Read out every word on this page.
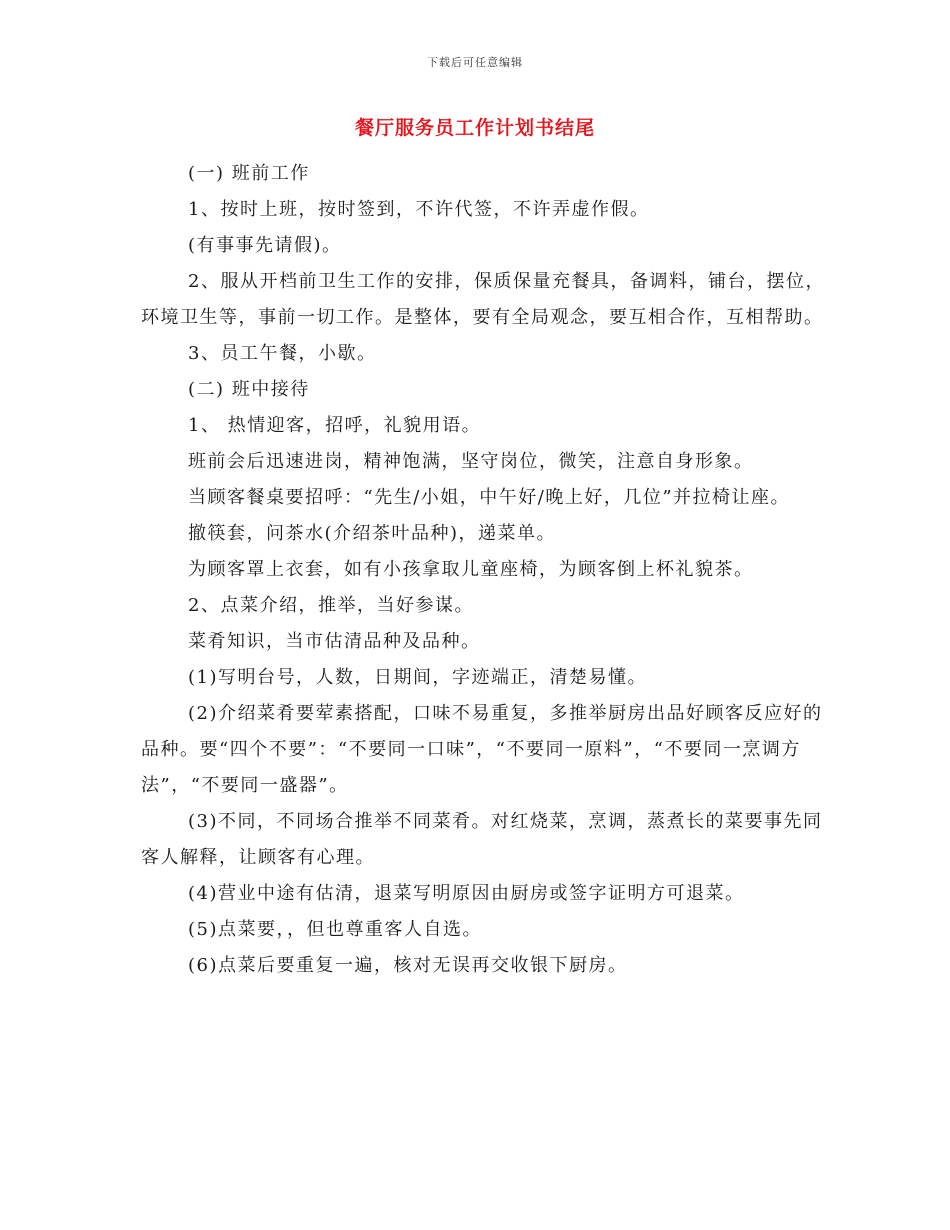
下载后可任意编辑
餐厅服务员工作计划书结尾

(一) 班前工作

1、按时上班，按时签到，不许代签，不许弄虚作假。

(有事事先请假)。

2、服从开档前卫生工作的安排，保质保量充餐具，备调料，铺台，摆位，环境卫生等，事前一切工作。是整体，要有全局观念，要互相合作，互相帮助。

3、员工午餐，小歇。

(二) 班中接待

1、 热情迎客，招呼，礼貌用语。

班前会后迅速进岗，精神饱满，坚守岗位，微笑，注意自身形象。

当顾客餐桌要招呼：“先生/小姐，中午好/晚上好，几位”并拉椅让座。

撤筷套，问茶水(介绍茶叶品种)，递菜单。

为顾客罩上衣套，如有小孩拿取儿童座椅，为顾客倒上杯礼貌茶。

2、点菜介绍，推举，当好参谋。

菜肴知识，当市估清品种及品种。

(1)写明台号，人数，日期间，字迹端正，清楚易懂。

(2)介绍菜肴要荤素搭配，口味不易重复，多推举厨房出品好顾客反应好的品种。要“四个不要”：“不要同一口味”，“不要同一原料”，“不要同一烹调方法”，“不要同一盛器”。

(3)不同，不同场合推举不同菜肴。对红烧菜，烹调，蒸煮长的菜要事先同客人解释，让顾客有心理。

(4)营业中途有估清，退菜写明原因由厨房或签字证明方可退菜。

(5)点菜要，，但也尊重客人自选。

(6)点菜后要重复一遍，核对无误再交收银下厨房。
